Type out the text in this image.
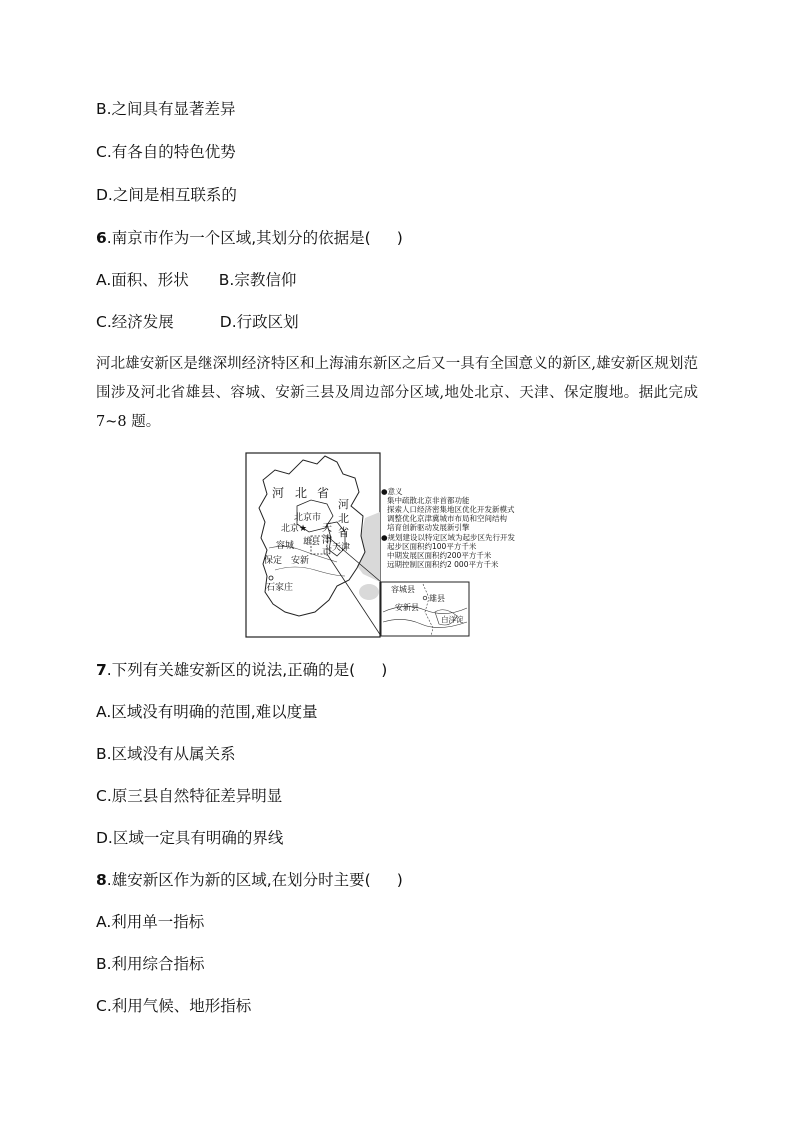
B.之间具有显著差异
C.有各自的特色优势
D.之间是相互联系的
6.南京市作为一个区域,其划分的依据是( )
A.面积、形状 B.宗教信仰
C.经济发展	D.行政区划
河北雄安新区是继深圳经济特区和上海浦东新区之后又一具有全国意义的新区,雄安新区规划范围涉及河北省雄县、容城、安新三县及周边部分区域,地处北京、天津、保定腹地。据此完成 7~8 题。
河 北 省
河
北
省
北京市
北京★ 天
津
市
雄县
容城
保定 安新
天津
石家庄
●意义
集中疏散北京非首都功能
探索人口经济密集地区优化开发新模式
调整优化京津冀城市布局和空间结构
培育创新驱动发展新引擎
●规划建设以特定区域为起步区先行开发
起步区面积约100平方千米
中期发展区面积约200平方千米
远期控制区面积约2 000平方千米
容城县
雄县
安新县
白洋淀
7.下列有关雄安新区的说法,正确的是( )
A.区域没有明确的范围,难以度量
B.区域没有从属关系
C.原三县自然特征差异明显
D.区域一定具有明确的界线
8.雄安新区作为新的区域,在划分时主要( )
A.利用单一指标
B.利用综合指标
C.利用气候、地形指标
